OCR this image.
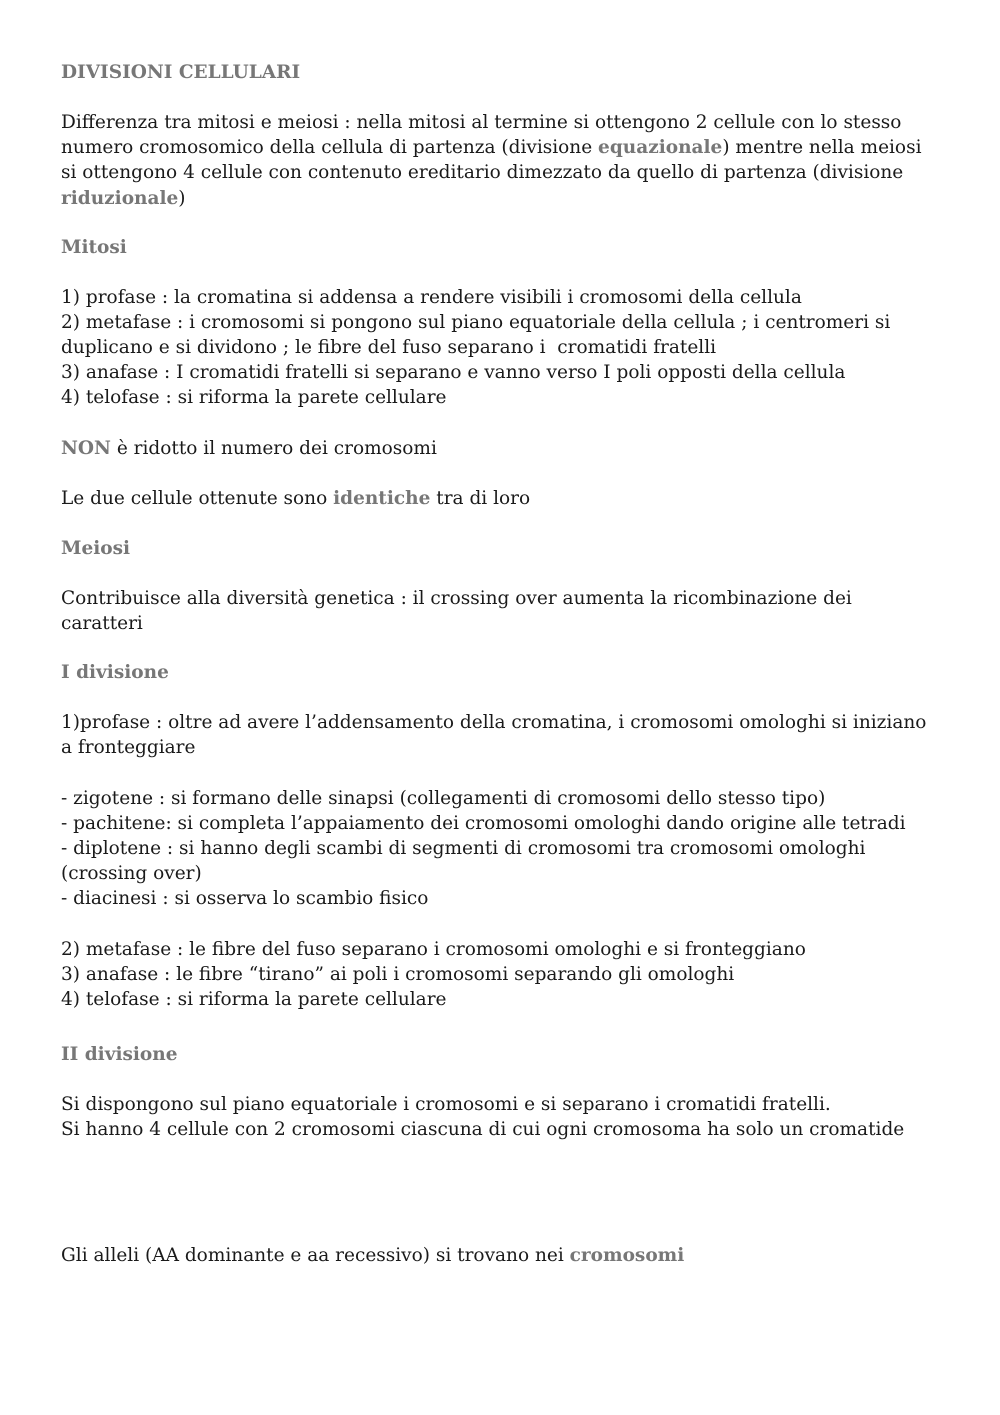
DIVISIONI CELLULARI
Differenza tra mitosi e meiosi : nella mitosi al termine si ottengono 2 cellule con lo stesso
numero cromosomico della cellula di partenza (divisione equazionale) mentre nella meiosi
si ottengono 4 cellule con contenuto ereditario dimezzato da quello di partenza (divisione
riduzionale)
Mitosi
1) profase : la cromatina si addensa a rendere visibili i cromosomi della cellula
2) metafase : i cromosomi si pongono sul piano equatoriale della cellula ; i centromeri si
duplicano e si dividono ; le fibre del fuso separano i  cromatidi fratelli
3) anafase : I cromatidi fratelli si separano e vanno verso I poli opposti della cellula
4) telofase : si riforma la parete cellulare
NON è ridotto il numero dei cromosomi
Le due cellule ottenute sono identiche tra di loro
Meiosi
Contribuisce alla diversità genetica : il crossing over aumenta la ricombinazione dei
caratteri
I divisione
1)profase : oltre ad avere l’addensamento della cromatina, i cromosomi omologhi si iniziano
a fronteggiare
- zigotene : si formano delle sinapsi (collegamenti di cromosomi dello stesso tipo)
- pachitene: si completa l’appaiamento dei cromosomi omologhi dando origine alle tetradi
- diplotene : si hanno degli scambi di segmenti di cromosomi tra cromosomi omologhi
(crossing over)
- diacinesi : si osserva lo scambio fisico
2) metafase : le fibre del fuso separano i cromosomi omologhi e si fronteggiano
3) anafase : le fibre “tirano” ai poli i cromosomi separando gli omologhi
4) telofase : si riforma la parete cellulare
II divisione
Si dispongono sul piano equatoriale i cromosomi e si separano i cromatidi fratelli.
Si hanno 4 cellule con 2 cromosomi ciascuna di cui ogni cromosoma ha solo un cromatide
Gli alleli (AA dominante e aa recessivo) si trovano nei cromosomi
